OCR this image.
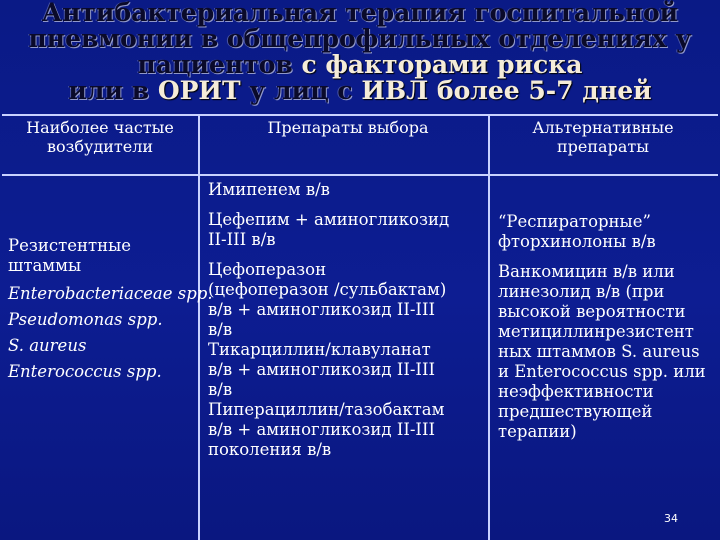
Антибактериальная терапия госпитальной
пневмонии в общепрофильных отделениях у
пациентов с факторами риска
или в ОРИТ у лиц с ИВЛ более 5-7 дней
Наиболее частые возбудители
Препараты выбора	Альтернативные препараты
Резистентные
штаммы
Enterobacteriaceae spp.
Pseudomonas spp.
S. aureus
Enterococcus spp.
Имипенем в/в
Цефепим + аминогликозид
II-III в/в
Цефоперазон
(цефоперазон /сульбактам)
в/в + аминогликозид II-III
в/в
Тикарциллин/клавуланат
в/в + аминогликозид II-III
в/в
Пиперациллин/тазобактам
в/в + аминогликозид II-III
поколения в/в
“Респираторные”
фторхинолоны в/в
Ванкомицин в/в или
линезолид в/в (при
высокой вероятности
метициллинрезистент
ных штаммов S. aureus
и Enterococcus spp. или
неэффективности
предшествующей
терапии)
34
